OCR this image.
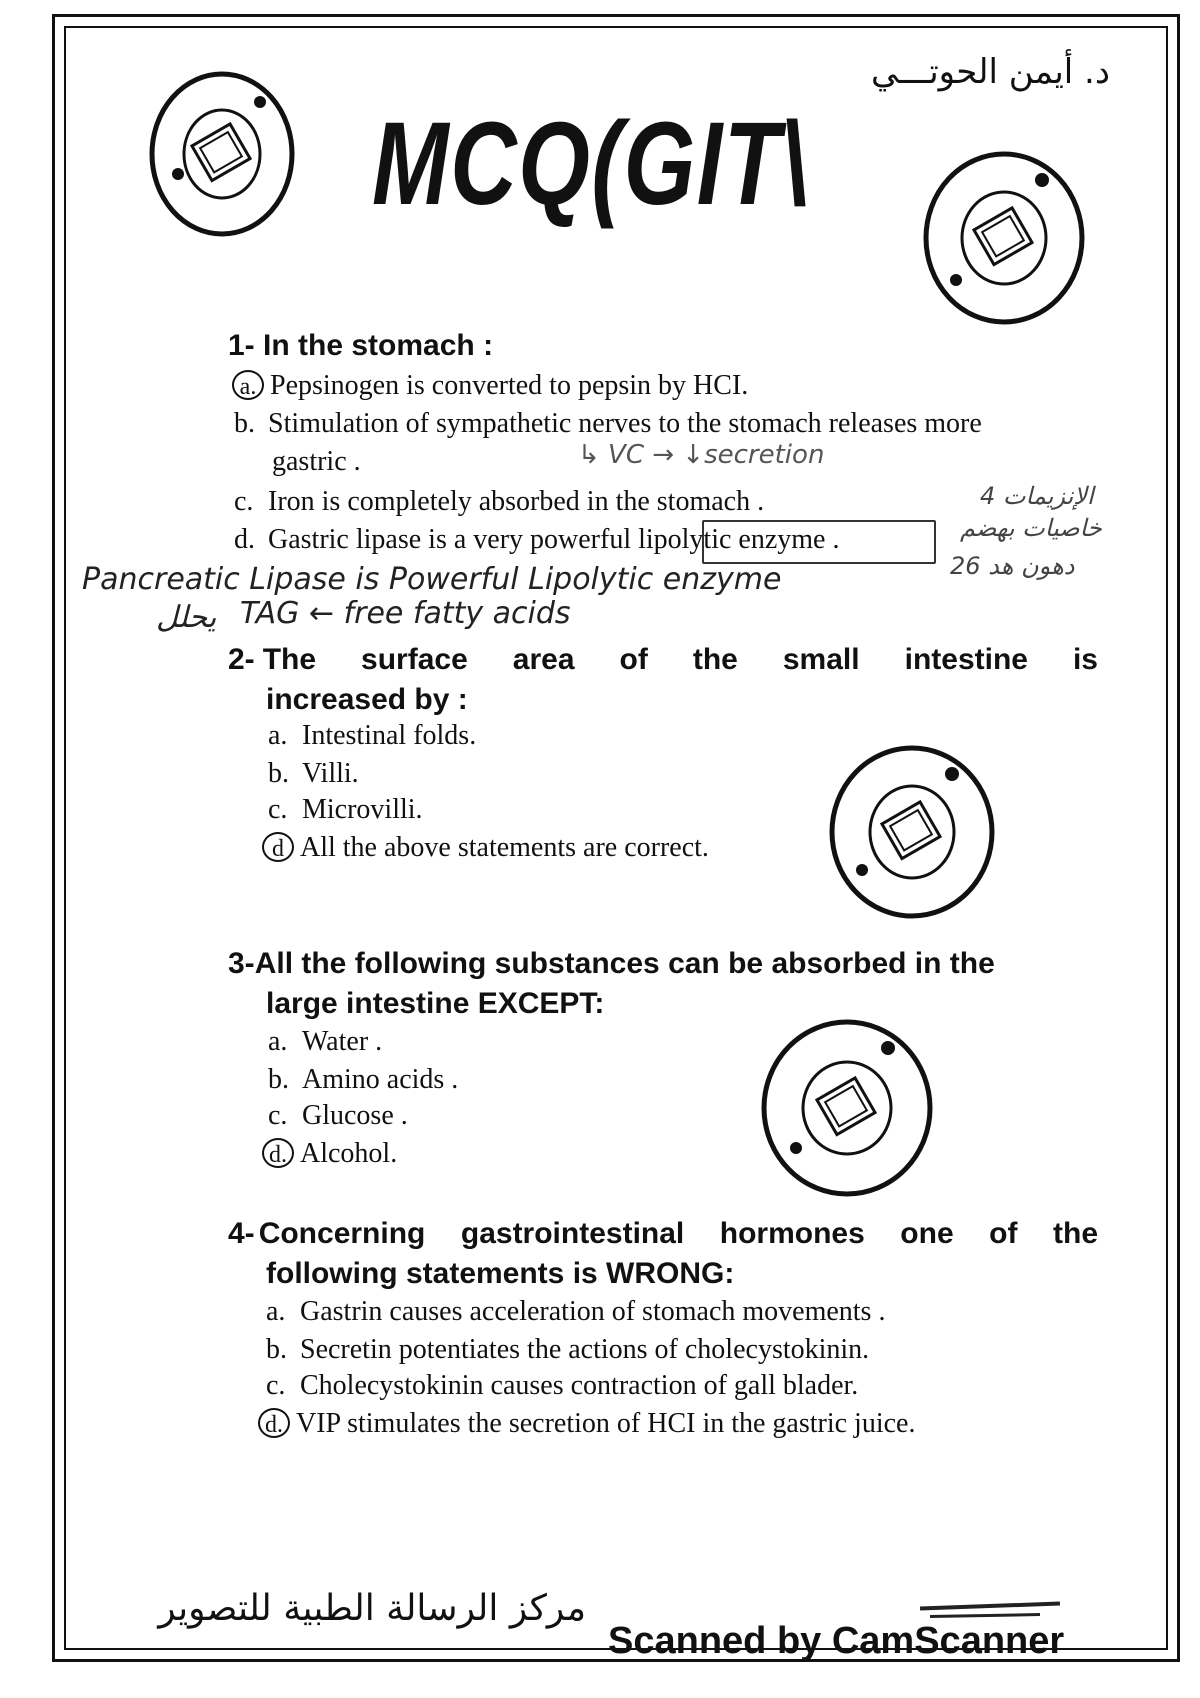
د. أيمن الحوتـــي
MCQ(GIT\
1- In the stomach :
a. Pepsinogen is converted to pepsin by HCI.
b. Stimulation of sympathetic nerves to the stomach releases more
gastric .
c. Iron is completely absorbed in the stomach .
d. Gastric lipase is a very powerful lipolytic enzyme .
↳ VC → ↓secretion
الإنزيمات 4
خاصيات بهضم
دهون هد 26
Pancreatic Lipase is Powerful Lipolytic enzyme
يحلل TAG ← free fatty acids
2- The surface area of the small intestine is
increased by :
a. Intestinal folds.
b. Villi.
c. Microvilli.
d All the above statements are correct.
3-All the following substances can be absorbed in the
large intestine EXCEPT:
a. Water .
b. Amino acids .
c. Glucose .
d. Alcohol.
4- Concerning gastrointestinal hormones one of the
following statements is WRONG:
a. Gastrin causes acceleration of stomach movements .
b. Secretin potentiates the actions of cholecystokinin.
c. Cholecystokinin causes contraction of gall blader.
d. VIP stimulates the secretion of HCI in the gastric juice.
مركز الرسالة الطبية للتصوير
Scanned by CamScanner
